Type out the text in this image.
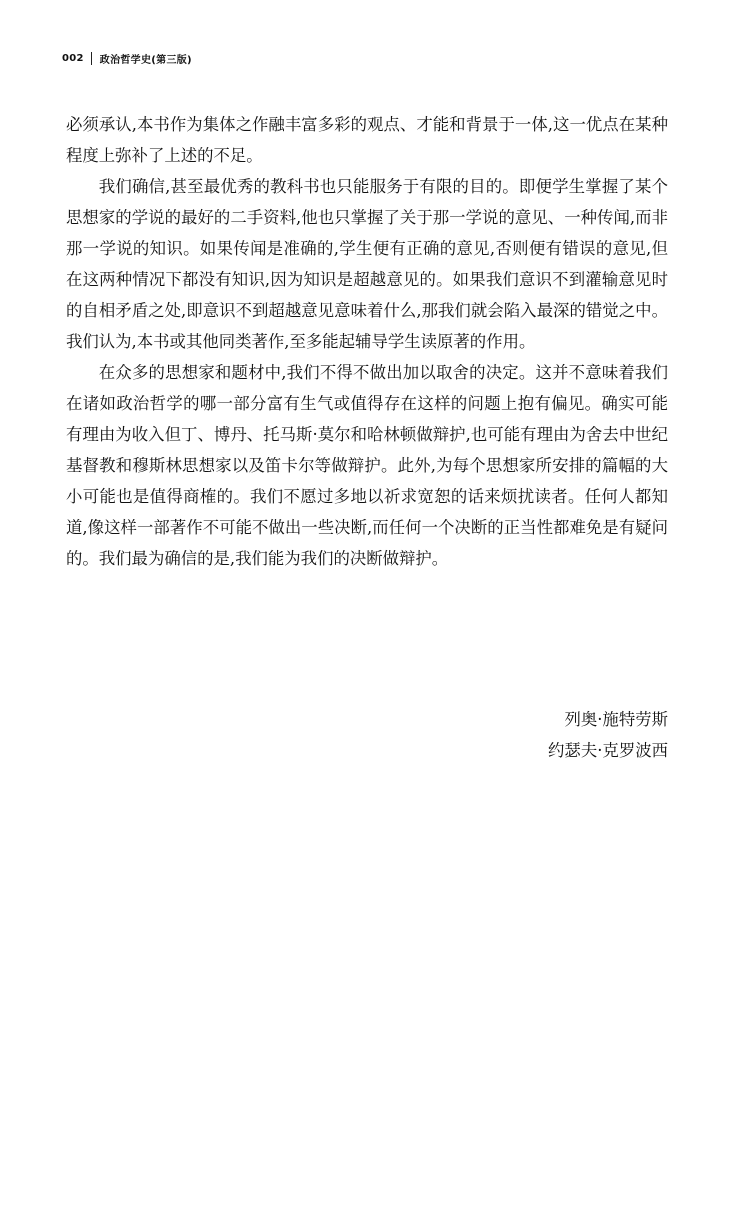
002 政治哲学史(第三版)

必须承认,本书作为集体之作融丰富多彩的观点、才能和背景于一体,这一优点在某种程度上弥补了上述的不足。

我们确信,甚至最优秀的教科书也只能服务于有限的目的。即便学生掌握了某个思想家的学说的最好的二手资料,他也只掌握了关于那一学说的意见、一种传闻,而非那一学说的知识。如果传闻是准确的,学生便有正确的意见,否则便有错误的意见,但在这两种情况下都没有知识,因为知识是超越意见的。如果我们意识不到灌输意见时的自相矛盾之处,即意识不到超越意见意味着什么,那我们就会陷入最深的错觉之中。我们认为,本书或其他同类著作,至多能起辅导学生读原著的作用。

在众多的思想家和题材中,我们不得不做出加以取舍的决定。这并不意味着我们在诸如政治哲学的哪一部分富有生气或值得存在这样的问题上抱有偏见。确实可能有理由为收入但丁、博丹、托马斯·莫尔和哈林顿做辩护,也可能有理由为舍去中世纪基督教和穆斯林思想家以及笛卡尔等做辩护。此外,为每个思想家所安排的篇幅的大小可能也是值得商榷的。我们不愿过多地以祈求宽恕的话来烦扰读者。任何人都知道,像这样一部著作不可能不做出一些决断,而任何一个决断的正当性都难免是有疑问的。我们最为确信的是,我们能为我们的决断做辩护。

列奥·施特劳斯
约瑟夫·克罗波西
